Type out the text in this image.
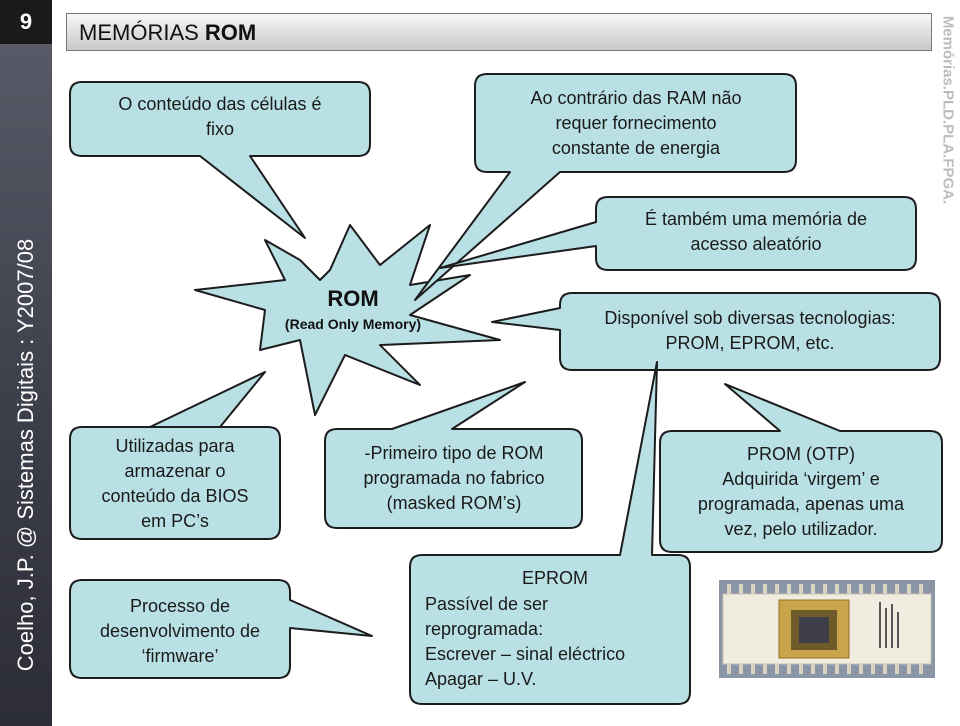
9
Coelho, J.P. @ Sistemas Digitais : Y2007/08
Memórias.PLD.PLA.FPGA.
MEMÓRIAS ROM
ROM
(Read Only Memory)
O conteúdo das células é
fixo
Ao contrário das RAM não
requer fornecimento
constante de energia
É também uma memória de
acesso aleatório
Disponível sob diversas tecnologias:
PROM, EPROM, etc.
Utilizadas para
armazenar o
conteúdo da BIOS
em PC’s
Processo de
desenvolvimento de
‘firmware’
-Primeiro tipo de ROM
programada no fabrico
(masked ROM’s)
EPROM
Passível de ser
reprogramada:
Escrever – sinal eléctrico
Apagar – U.V.
PROM (OTP)
Adquirida ‘virgem’ e
programada, apenas uma
vez, pelo utilizador.
